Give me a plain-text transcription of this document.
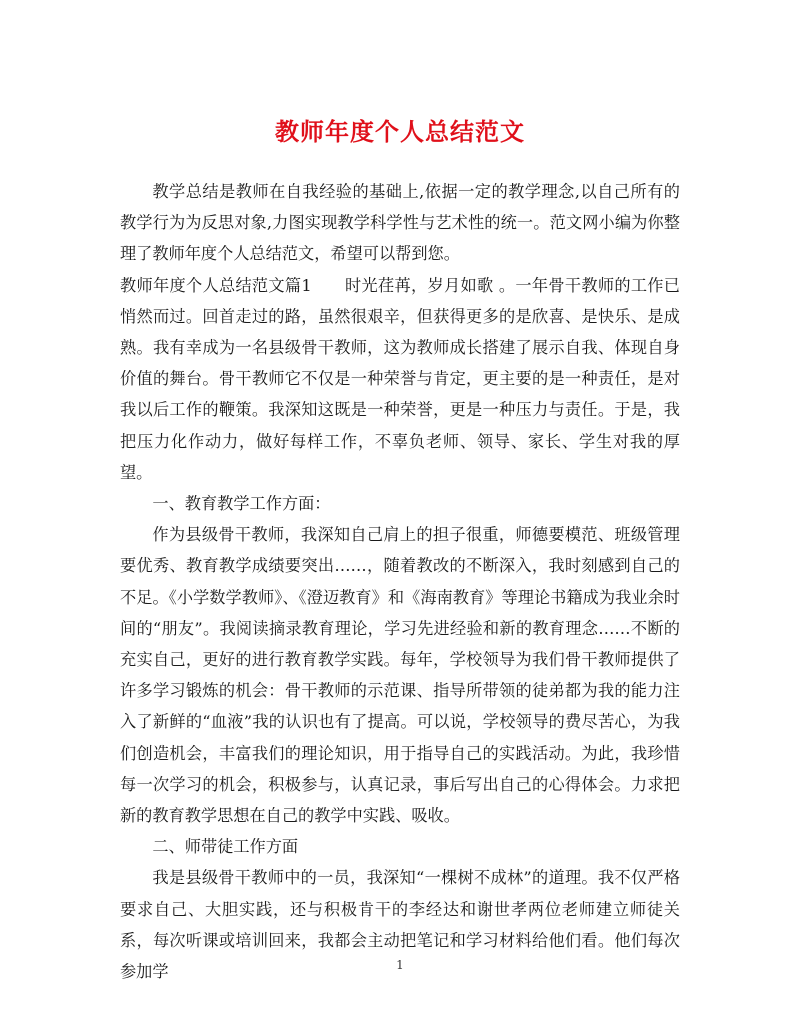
教师年度个人总结范文

教学总结是教师在自我经验的基础上,依据一定的教学理念,以自己所有的教学行为为反思对象,力图实现教学科学性与艺术性的统一。范文网小编为你整理了教师年度个人总结范文，希望可以帮到您。

教师年度个人总结范文篇1　　时光荏苒，岁月如歌 。一年骨干教师的工作已悄然而过。回首走过的路，虽然很艰辛，但获得更多的是欣喜、是快乐、是成熟。我有幸成为一名县级骨干教师，这为教师成长搭建了展示自我、体现自身价值的舞台。骨干教师它不仅是一种荣誉与肯定，更主要的是一种责任，是对我以后工作的鞭策。我深知这既是一种荣誉，更是一种压力与责任。于是，我把压力化作动力，做好每样工作，不辜负老师、领导、家长、学生对我的厚望。

一、教育教学工作方面：

作为县级骨干教师，我深知自己肩上的担子很重，师德要模范、班级管理要优秀、教育教学成绩要突出……，随着教改的不断深入，我时刻感到自己的不足。《小学数学教师》、《澄迈教育》和《海南教育》等理论书籍成为我业余时间的“朋友”。我阅读摘录教育理论，学习先进经验和新的教育理念……不断的充实自己，更好的进行教育教学实践。每年，学校领导为我们骨干教师提供了许多学习锻炼的机会：骨干教师的示范课、指导所带领的徒弟都为我的能力注入了新鲜的“血液”我的认识也有了提高。可以说，学校领导的费尽苦心，为我们创造机会，丰富我们的理论知识，用于指导自己的实践活动。为此，我珍惜每一次学习的机会，积极参与，认真记录，事后写出自己的心得体会。力求把新的教育教学思想在自己的教学中实践、吸收。

二、师带徒工作方面

我是县级骨干教师中的一员，我深知“一棵树不成林”的道理。我不仅严格要求自己、大胆实践，还与积极肯干的李经达和谢世孝两位老师建立师徒关系，每次听课或培训回来，我都会主动把笔记和学习材料给他们看。他们每次参加学	1
